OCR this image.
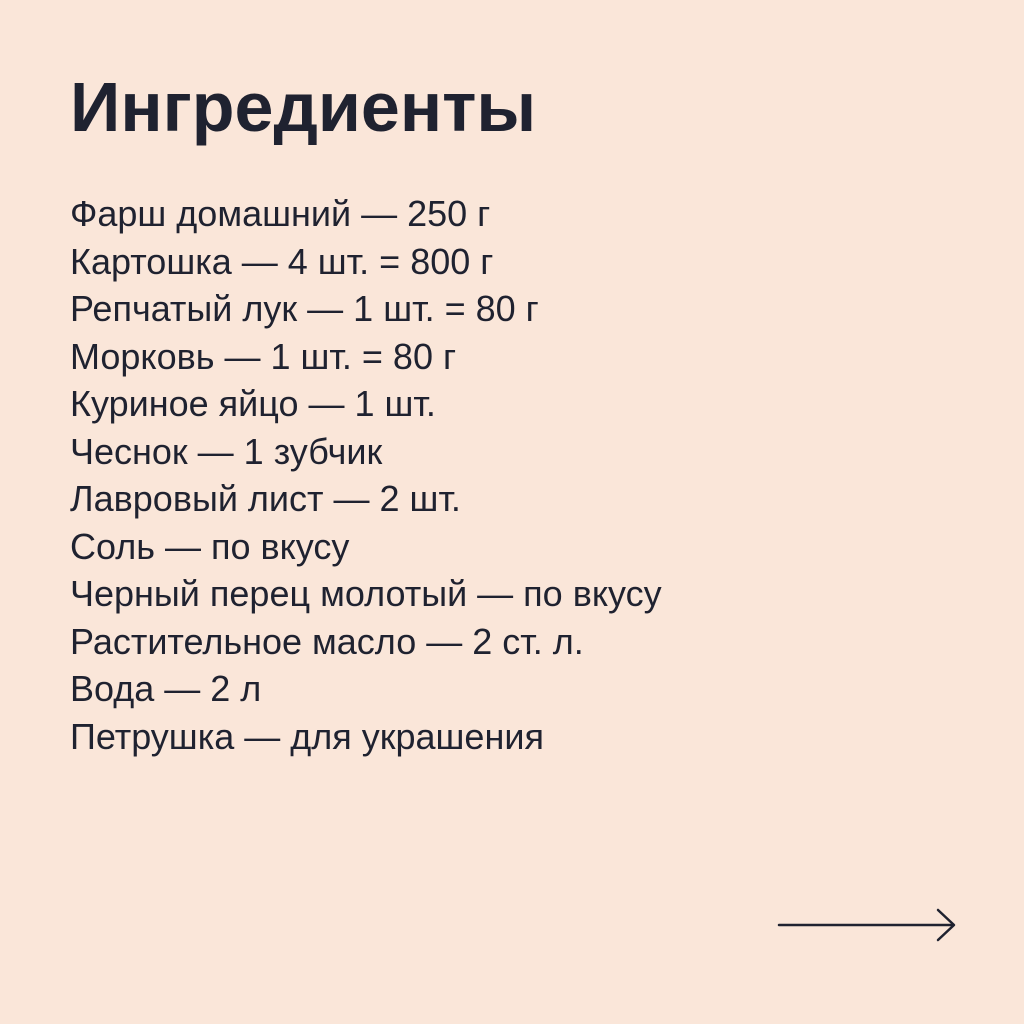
Ингредиенты
Фарш домашний — 250 г
Картошка — 4 шт. = 800 г
Репчатый лук — 1 шт. = 80 г
Морковь — 1 шт. = 80 г
Куриное яйцо — 1 шт.
Чеснок — 1 зубчик
Лавровый лист — 2 шт.
Соль — по вкусу
Черный перец молотый — по вкусу
Растительное масло — 2 ст. л.
Вода — 2 л
Петрушка — для украшения
